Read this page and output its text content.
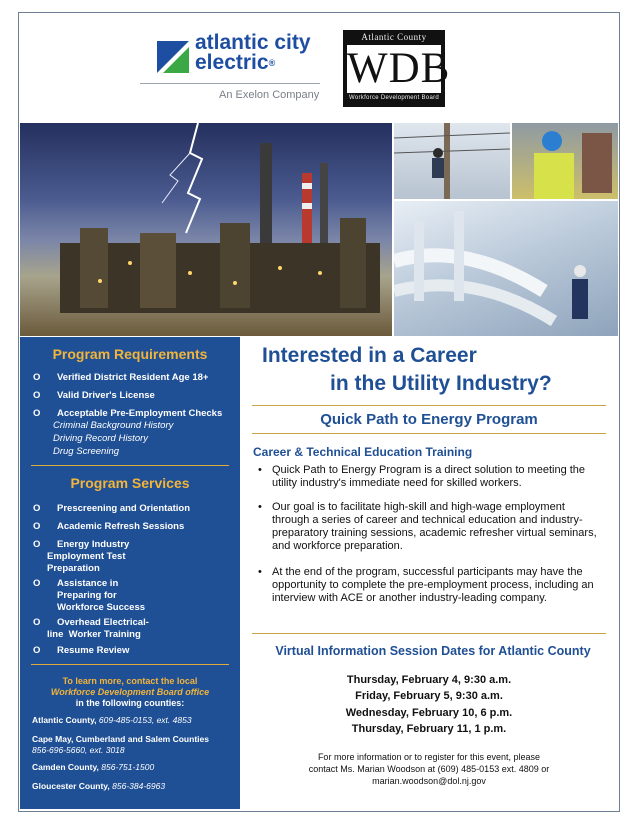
atlantic city
electric®
An Exelon Company
Atlantic County
WDB
Workforce Development Board
Program Requirements
O Verified District Resident Age 18+
O Valid Driver's License
O Acceptable Pre-Employment Checks
Criminal Background History
Driving Record History
Drug Screening
Program Services
O Prescreening and Orientation
O Academic Refresh Sessions
O Energy Industry
Employment Test
Preparation
O Assistance in
Preparing for
Workforce Success
O Overhead Electrical-
line  Worker Training
O Resume Review
To learn more, contact the local
Workforce Development Board office
in the following counties:
Atlantic County, 609-485-0153, ext. 4853
Cape May, Cumberland and Salem Counties
856-696-5660, ext. 3018
Camden County, 856-751-1500
Gloucester County, 856-384-6963
Interested in a Career
in the Utility Industry?
Quick Path to Energy Program
Career & Technical Education Training
• Quick Path to Energy Program is a direct solution to meeting the utility industry's immediate need for skilled workers.
• Our goal is to facilitate high-skill and high-wage employment through a series of career and technical education and industry-preparatory training sessions, academic refresher virtual seminars, and workforce preparation.
• At the end of the program, successful participants may have the opportunity to complete the pre-employment process, including an interview with ACE or another industry-leading company.
Virtual Information Session Dates for Atlantic County
Thursday, February 4, 9:30 a.m.
Friday, February 5, 9:30 a.m.
Wednesday, February 10, 6 p.m.
Thursday, February 11, 1 p.m.
For more information or to register for this event, please
contact Ms. Marian Woodson at (609) 485-0153 ext. 4809 or
marian.woodson@dol.nj.gov
